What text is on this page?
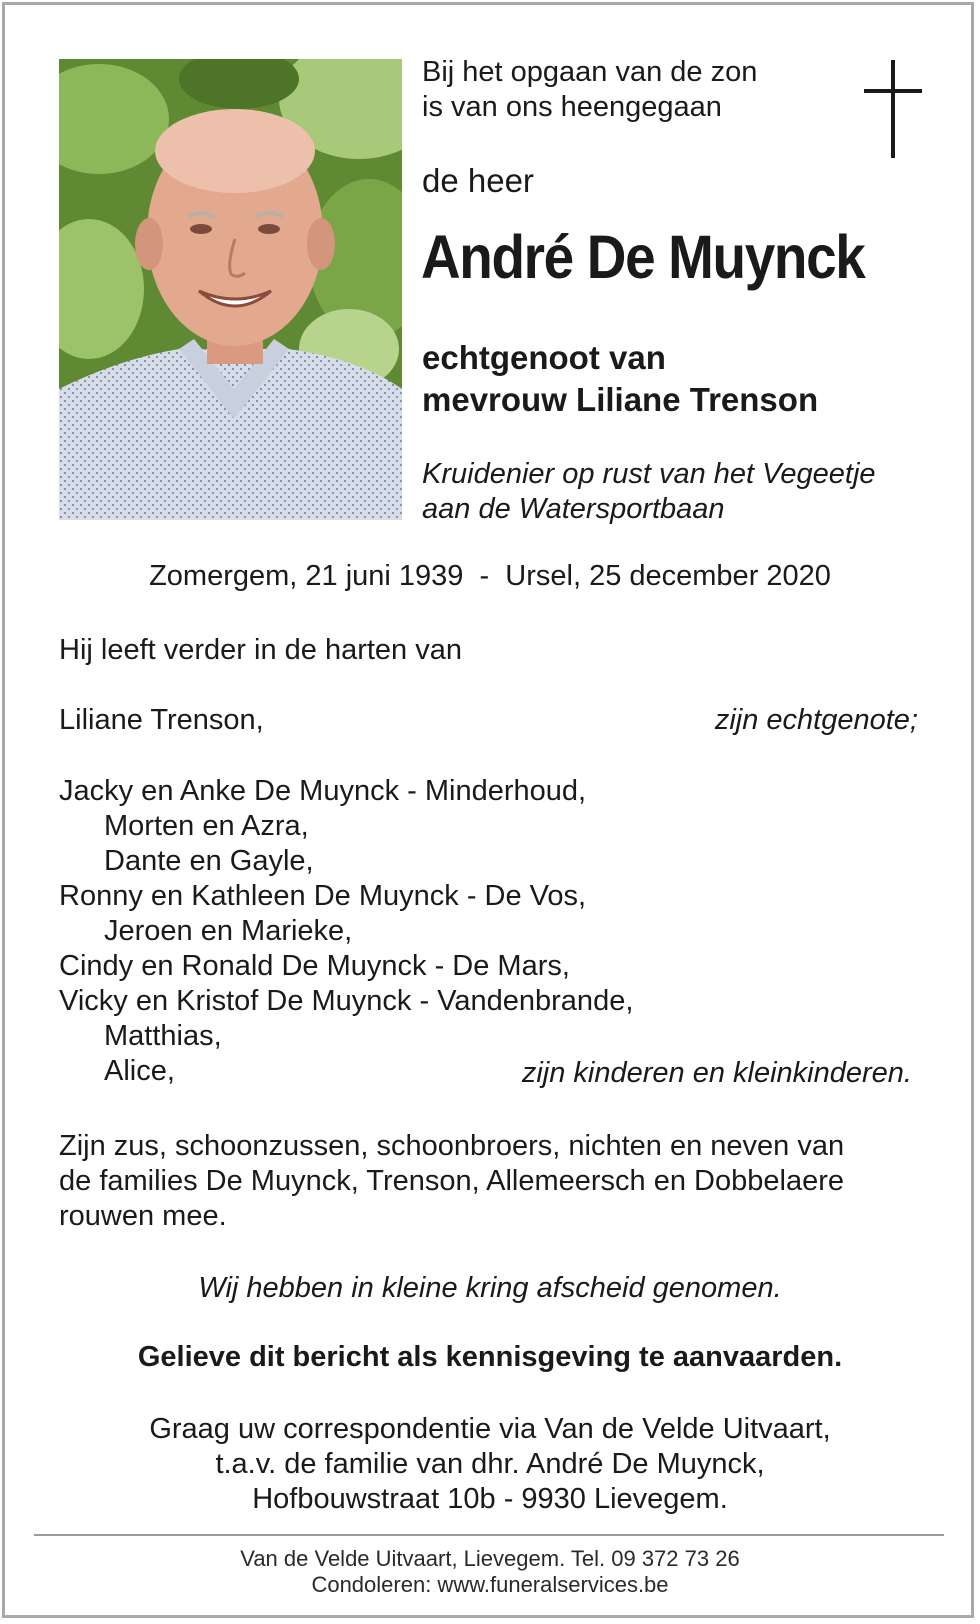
Bij het opgaan van de zon
is van ons heengegaan
de heer
André De Muynck
echtgenoot van
mevrouw Liliane Trenson
Kruidenier op rust van het Vegeetje
aan de Watersportbaan
Zomergem, 21 juni 1939  -  Ursel, 25 december 2020
Hij leeft verder in de harten van
Liliane Trenson,	zijn echtgenote;
Jacky en Anke De Muynck - Minderhoud,
Morten en Azra,
Dante en Gayle,
Ronny en Kathleen De Muynck - De Vos,
Jeroen en Marieke,
Cindy en Ronald De Muynck - De Mars,
Vicky en Kristof De Muynck - Vandenbrande,
Matthias,
Alice,	zijn kinderen en kleinkinderen.
Zijn zus, schoonzussen, schoonbroers, nichten en neven van
de families De Muynck, Trenson, Allemeersch en Dobbelaere
rouwen mee.
Wij hebben in kleine kring afscheid genomen.
Gelieve dit bericht als kennisgeving te aanvaarden.
Graag uw correspondentie via Van de Velde Uitvaart,
t.a.v. de familie van dhr. André De Muynck,
Hofbouwstraat 10b - 9930 Lievegem.
Van de Velde Uitvaart, Lievegem. Tel. 09 372 73 26
Condoleren: www.funeralservices.be
